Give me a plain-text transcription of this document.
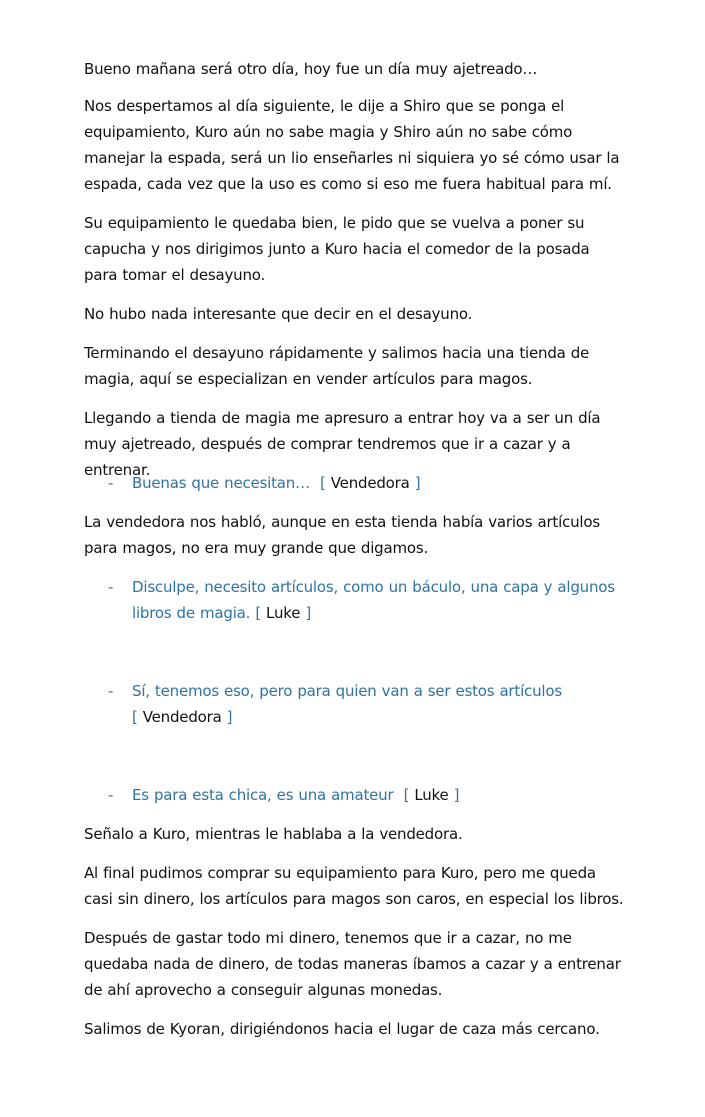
Bueno mañana será otro día, hoy fue un día muy ajetreado…

Nos despertamos al día siguiente, le dije a Shiro que se ponga el equipamiento, Kuro aún no sabe magia y Shiro aún no sabe cómo manejar la espada, será un lio enseñarles ni siquiera yo sé cómo usar la espada, cada vez que la uso es como si eso me fuera habitual para mí.

Su equipamiento le quedaba bien, le pido que se vuelva a poner su capucha y nos dirigimos junto a Kuro hacia el comedor de la posada para tomar el desayuno.

No hubo nada interesante que decir en el desayuno.

Terminando el desayuno rápidamente y salimos hacia una tienda de magia, aquí se especializan en vender artículos para magos.

Llegando a tienda de magia me apresuro a entrar hoy va a ser un día muy ajetreado, después de comprar tendremos que ir a cazar y a entrenar.

- Buenas que necesitan… [ Vendedora ]

La vendedora nos habló, aunque en esta tienda había varios artículos para magos, no era muy grande que digamos.

- Disculpe, necesito artículos, como un báculo, una capa y algunos libros de magia. [ Luke ]
- Sí, tenemos eso, pero para quien van a ser estos artículos [ Vendedora ]
- Es para esta chica, es una amateur [ Luke ]

Señalo a Kuro, mientras le hablaba a la vendedora.

Al final pudimos comprar su equipamiento para Kuro, pero me queda casi sin dinero, los artículos para magos son caros, en especial los libros.

Después de gastar todo mi dinero, tenemos que ir a cazar, no me quedaba nada de dinero, de todas maneras íbamos a cazar y a entrenar de ahí aprovecho a conseguir algunas monedas.

Salimos de Kyoran, dirigiéndonos hacia el lugar de caza más cercano.
